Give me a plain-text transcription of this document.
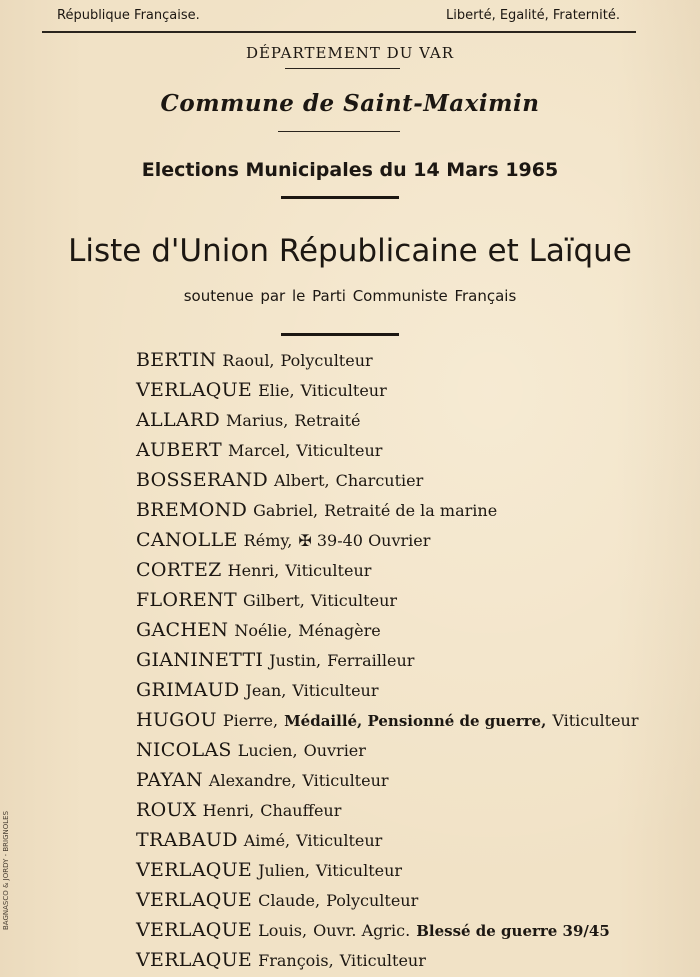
République Française.	Liberté, Egalité, Fraternité.
DÉPARTEMENT DU VAR
Commune de Saint-Maximin
Elections Municipales du 14 Mars 1965
Liste d'Union Républicaine et Laïque
soutenue par le Parti Communiste Français
BERTIN Raoul, Polyculteur
VERLAQUE Elie, Viticulteur
ALLARD Marius, Retraité
AUBERT Marcel, Viticulteur
BOSSERAND Albert, Charcutier
BREMOND Gabriel, Retraité de la marine
CANOLLE Rémy, ✠ 39-40 Ouvrier
CORTEZ Henri, Viticulteur
FLORENT Gilbert, Viticulteur
GACHEN Noélie, Ménagère
GIANINETTI Justin, Ferrailleur
GRIMAUD Jean, Viticulteur
HUGOU Pierre, Médaillé, Pensionné de guerre, Viticulteur
NICOLAS Lucien, Ouvrier
PAYAN Alexandre, Viticulteur
ROUX Henri, Chauffeur
TRABAUD Aimé, Viticulteur
VERLAQUE Julien, Viticulteur
VERLAQUE Claude, Polyculteur
VERLAQUE Louis, Ouvr. Agric. Blessé de guerre 39/45
VERLAQUE François, Viticulteur
BAGNASCO & JORDY - BRIGNOLES
